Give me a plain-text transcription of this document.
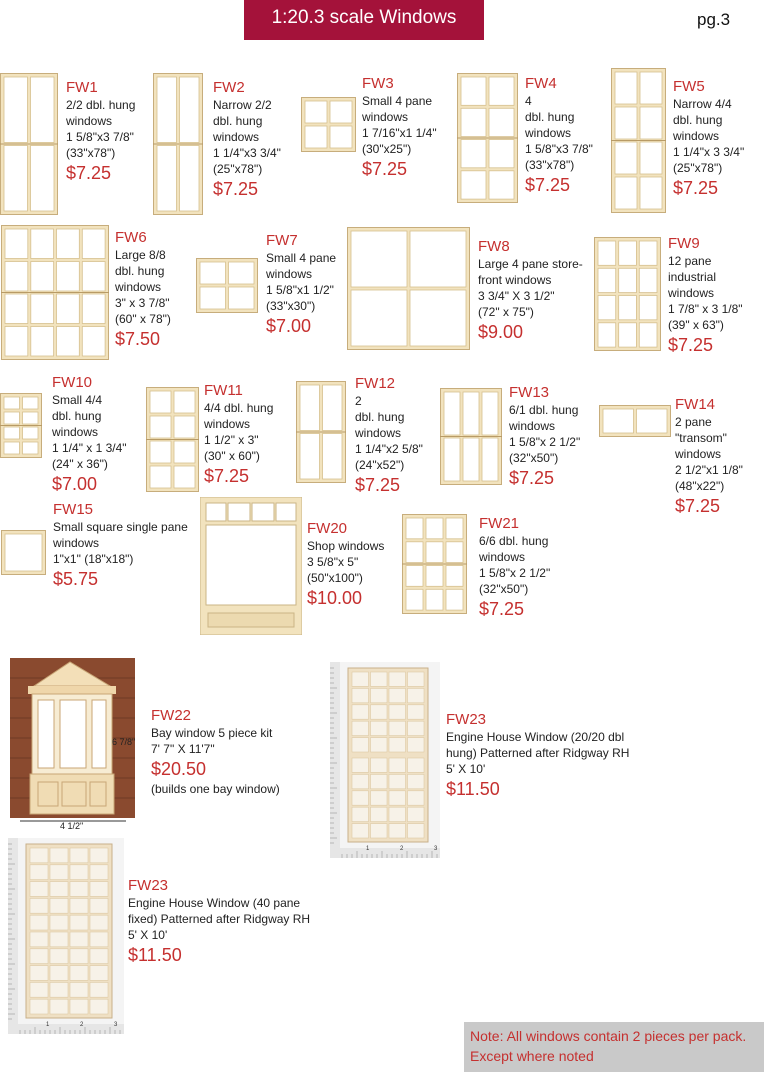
1:20.3 scale Windows	pg.3
6 7/8"
4 1/2"
1	2	3
1	2	3
FW1
2/2 dbl. hung
windows
1 5/8"x3 7/8"
(33"x78")
$7.25
FW2
Narrow 2/2
dbl. hung
windows
1 1/4"x3 3/4"
(25"x78")
$7.25
FW3
Small 4 pane
windows
1 7/16"x1 1/4"
(30"x25")
$7.25
FW4
4
dbl. hung
windows
1 5/8"x3 7/8"
(33"x78")
$7.25
FW5
Narrow 4/4
dbl. hung
windows
1 1/4"x 3 3/4"
(25"x78")
$7.25
FW6
Large 8/8
dbl. hung
windows
3" x 3 7/8"
(60" x 78")
$7.50
FW7
Small 4 pane
windows
1 5/8"x1 1/2"
(33"x30")
$7.00
FW8
Large 4 pane store-
front windows
3 3/4" X 3 1/2"
(72" x 75")
$9.00
FW9
12 pane
industrial
windows
1 7/8" x 3 1/8"
(39" x 63")
$7.25
FW10
Small 4/4
dbl. hung
windows
1 1/4" x 1 3/4"
(24" x 36")
$7.00
FW11
4/4 dbl. hung
windows
1 1/2" x 3"
(30" x 60")
$7.25
FW12
2
dbl. hung
windows
1 1/4"x2 5/8"
(24"x52")
$7.25
FW13
6/1 dbl. hung
windows
1 5/8"x 2 1/2"
(32"x50")
$7.25
FW14
2 pane
"transom"
windows
2 1/2"x1 1/8"
(48"x22")
$7.25
FW15
Small square single pane
windows
1"x1" (18"x18")
$5.75
FW20
Shop windows
3 5/8"x 5"
(50"x100")
$10.00
FW21
6/6 dbl. hung
windows
1 5/8"x 2 1/2"
(32"x50")
$7.25
FW22
Bay window 5 piece kit
7' 7" X 11'7"
$20.50
(builds one bay window)
FW23
Engine House Window (20/20 dbl
hung) Patterned after Ridgway RH
5' X 10'
$11.50
FW23
Engine House Window (40 pane
fixed) Patterned after Ridgway RH
5' X 10'
$11.50
Note: All windows contain 2 pieces per pack. Except where noted
